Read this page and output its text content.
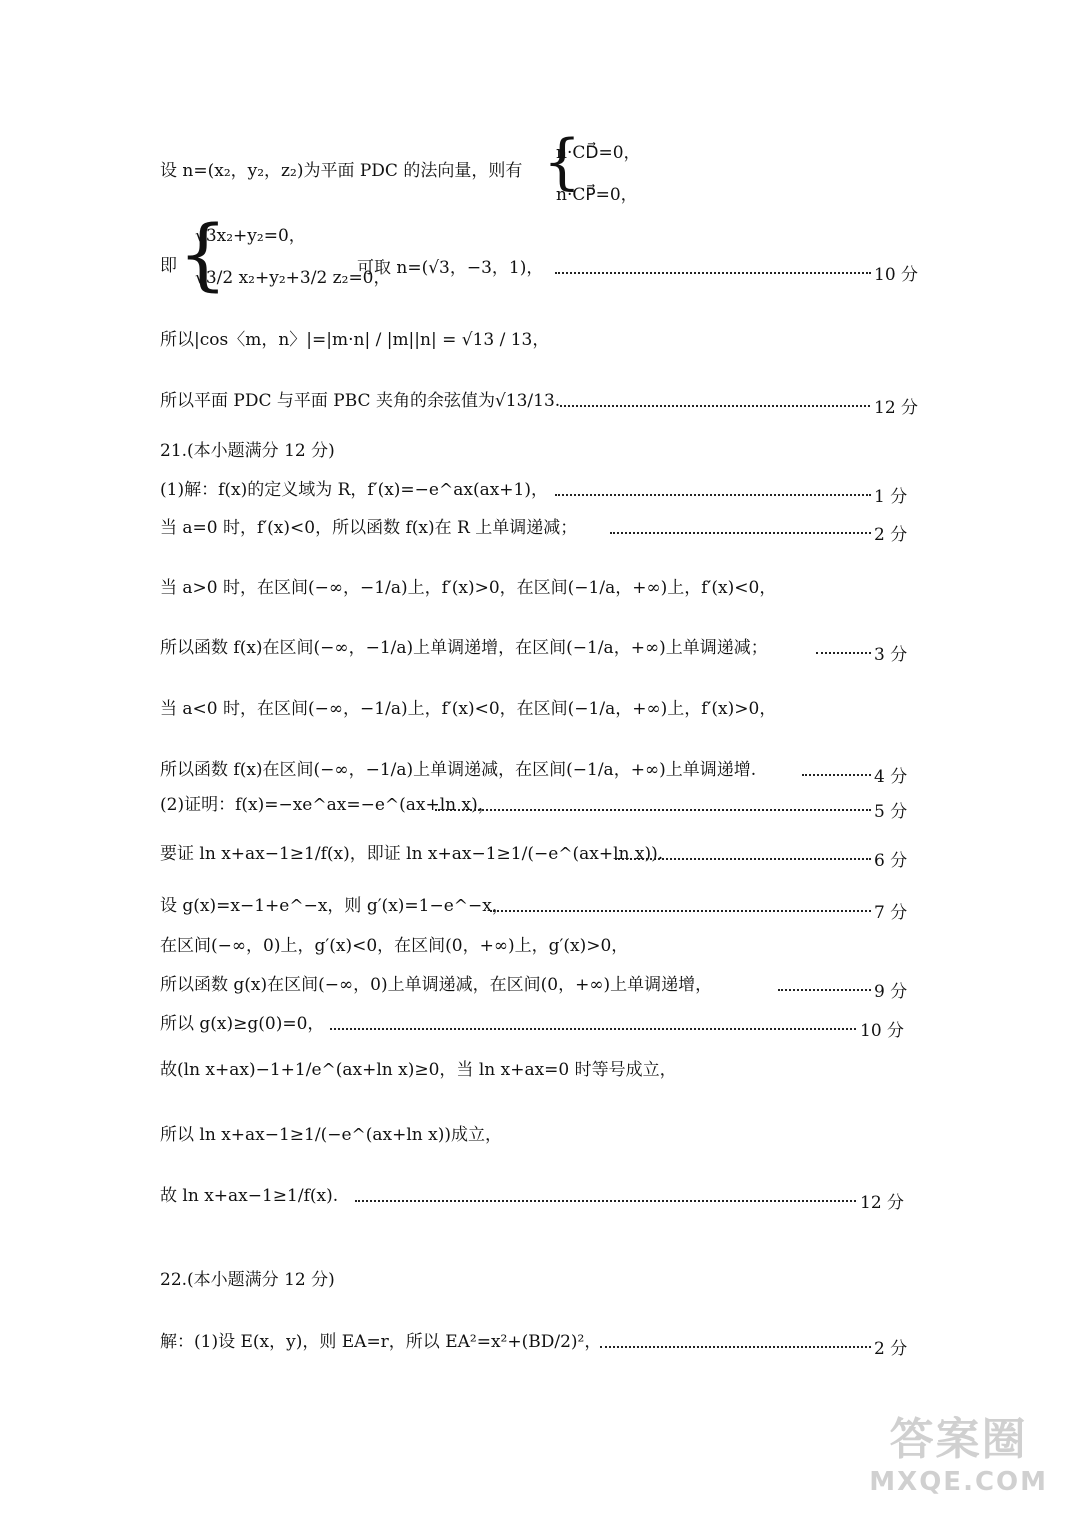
设 n=(x₂，y₂，z₂)为平面 PDC 的法向量，则有 {
n·CD⃗=0，
n·CP⃗=0，
即 {
√3x₂+y₂=0，
√3/2 x₂+y₂+3/2 z₂=0，
可取 n=(√3，−3，1)，	10 分
所以|cos〈m，n〉|=|m·n| / |m||n| = √13 / 13，
所以平面 PDC 与平面 PBC 夹角的余弦值为√13/13.	12 分
21.(本小题满分 12 分)
(1)解：f(x)的定义域为 R，f′(x)=−e^ax(ax+1)，	1 分
当 a=0 时，f′(x)<0，所以函数 f(x)在 R 上单调递减；	2 分
当 a>0 时，在区间(−∞，−1/a)上，f′(x)>0，在区间(−1/a，+∞)上，f′(x)<0，
所以函数 f(x)在区间(−∞，−1/a)上单调递增，在区间(−1/a，+∞)上单调递减；	3 分
当 a<0 时，在区间(−∞，−1/a)上，f′(x)<0，在区间(−1/a，+∞)上，f′(x)>0，
所以函数 f(x)在区间(−∞，−1/a)上单调递减，在区间(−1/a，+∞)上单调递增.	4 分
(2)证明：f(x)=−xe^ax=−e^(ax+ln x)，	5 分
要证 ln x+ax−1≥1/f(x)，即证 ln x+ax−1≥1/(−e^(ax+ln x)).	6 分
设 g(x)=x−1+e^−x，则 g′(x)=1−e^−x，	7 分
在区间(−∞，0)上，g′(x)<0，在区间(0，+∞)上，g′(x)>0，
所以函数 g(x)在区间(−∞，0)上单调递减，在区间(0，+∞)上单调递增，	9 分
所以 g(x)≥g(0)=0，	10 分
故(ln x+ax)−1+1/e^(ax+ln x)≥0，当 ln x+ax=0 时等号成立，
所以 ln x+ax−1≥1/(−e^(ax+ln x))成立，
故 ln x+ax−1≥1/f(x).	12 分
22.(本小题满分 12 分)
解：(1)设 E(x，y)，则 EA=r，所以 EA²=x²+(BD/2)²，	2 分
答案圈
MXQE.COM
